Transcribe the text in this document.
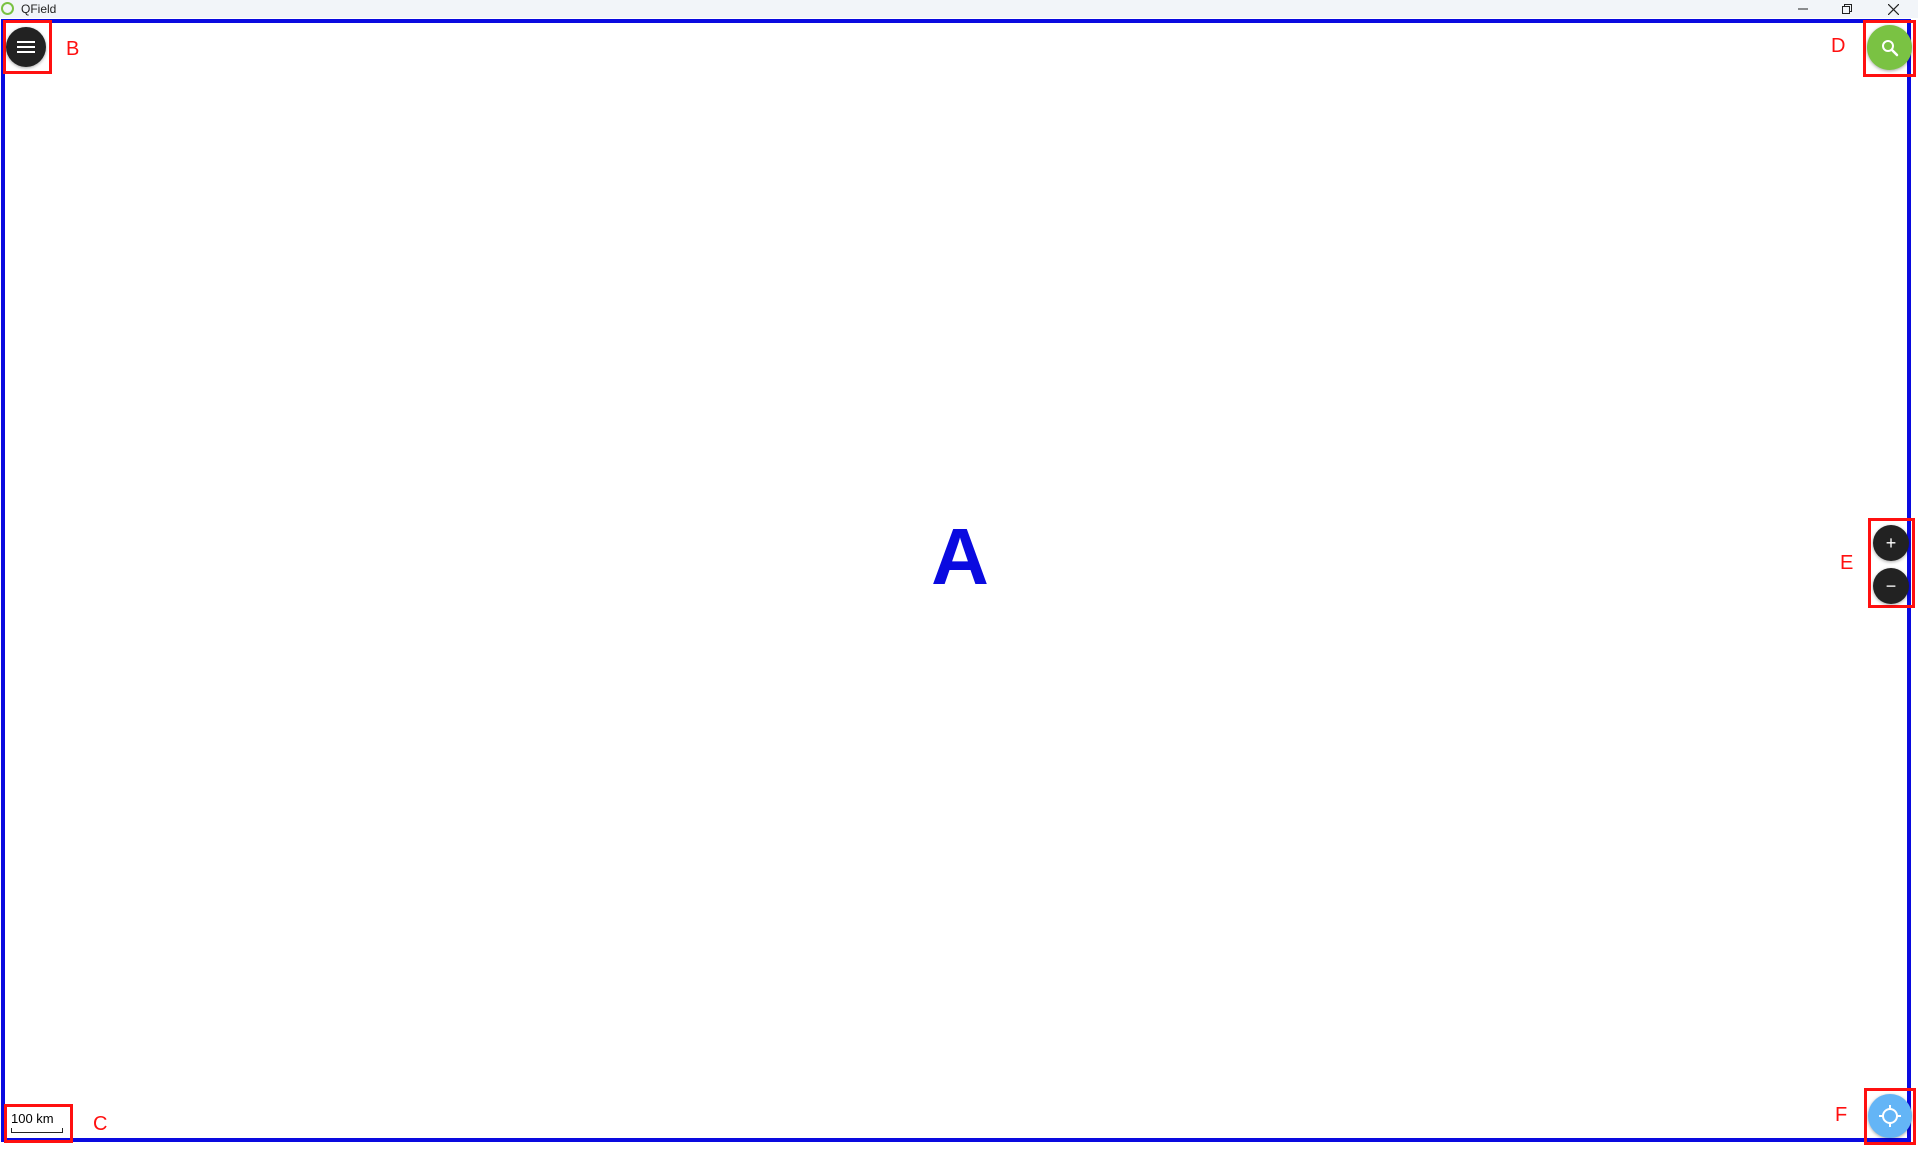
QField
A
B
100 km C
D
+
−
E
F
